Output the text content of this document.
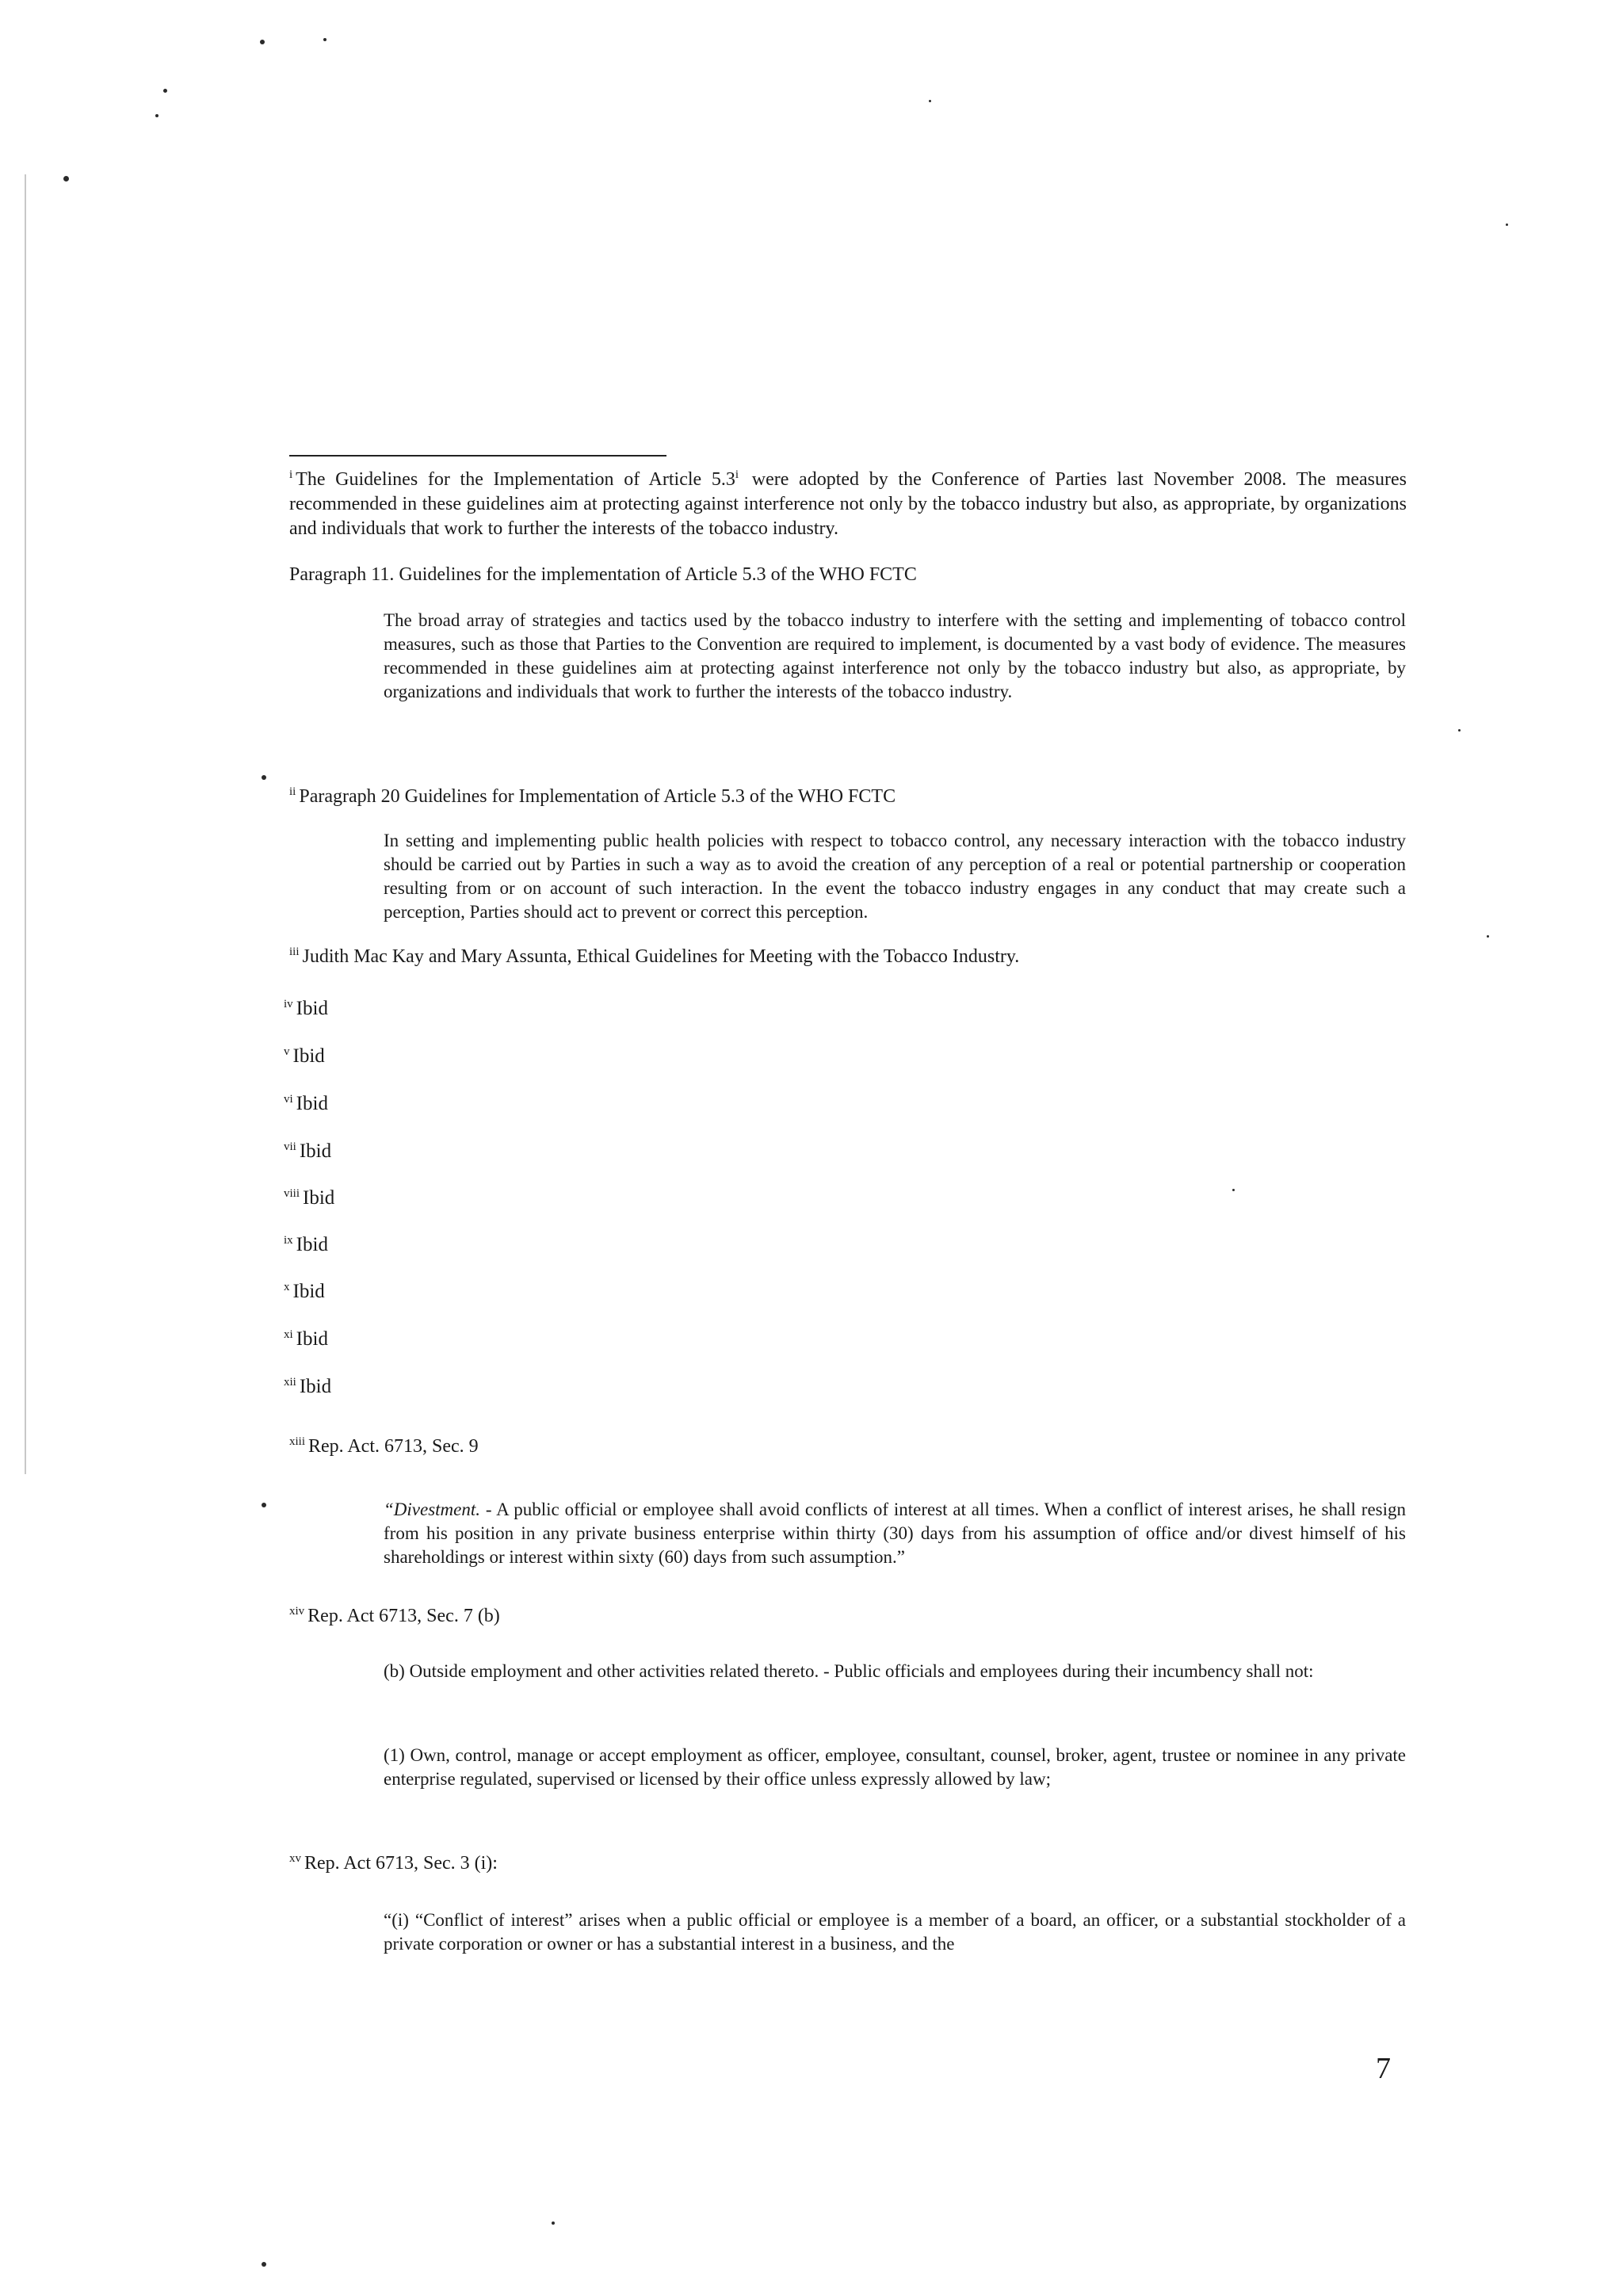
$^i$ The Guidelines for the Implementation of Article 5.3$^i$ were adopted by the Conference of Parties last November 2008. The measures recommended in these guidelines aim at protecting against interference not only by the tobacco industry but also, as appropriate, by organizations and individuals that work to further the interests of the tobacco industry.
Paragraph 11. Guidelines for the implementation of Article 5.3 of the WHO FCTC
The broad array of strategies and tactics used by the tobacco industry to interfere with the setting and implementing of tobacco control measures, such as those that Parties to the Convention are required to implement, is documented by a vast body of evidence. The measures recommended in these guidelines aim at protecting against interference not only by the tobacco industry but also, as appropriate, by organizations and individuals that work to further the interests of the tobacco industry.
$^{ii}$ Paragraph 20 Guidelines for Implementation of Article 5.3 of the WHO FCTC
In setting and implementing public health policies with respect to tobacco control, any necessary interaction with the tobacco industry should be carried out by Parties in such a way as to avoid the creation of any perception of a real or potential partnership or cooperation resulting from or on account of such interaction. In the event the tobacco industry engages in any conduct that may create such a perception, Parties should act to prevent or correct this perception.
$^{iii}$ Judith Mac Kay and Mary Assunta, Ethical Guidelines for Meeting with the Tobacco Industry.
$^{iv}$ Ibid
$^v$ Ibid
$^{vi}$ Ibid
$^{vii}$ Ibid
$^{viii}$ Ibid
$^{ix}$ Ibid
$^x$ Ibid
$^{xi}$ Ibid
$^{xii}$ Ibid
$^{xiii}$ Rep. Act. 6713, Sec. 9
“Divestment. - A public official or employee shall avoid conflicts of interest at all times. When a conflict of interest arises, he shall resign from his position in any private business enterprise within thirty (30) days from his assumption of office and/or divest himself of his shareholdings or interest within sixty (60) days from such assumption.”
$^{xiv}$ Rep. Act 6713, Sec. 7 (b)
(b) Outside employment and other activities related thereto. - Public officials and employees during their incumbency shall not:
(1) Own, control, manage or accept employment as officer, employee, consultant, counsel, broker, agent, trustee or nominee in any private enterprise regulated, supervised or licensed by their office unless expressly allowed by law;
$^{xv}$ Rep. Act 6713, Sec. 3 (i):
“(i) “Conflict of interest” arises when a public official or employee is a member of a board, an officer, or a substantial stockholder of a private corporation or owner or has a substantial interest in a business, and the
7
